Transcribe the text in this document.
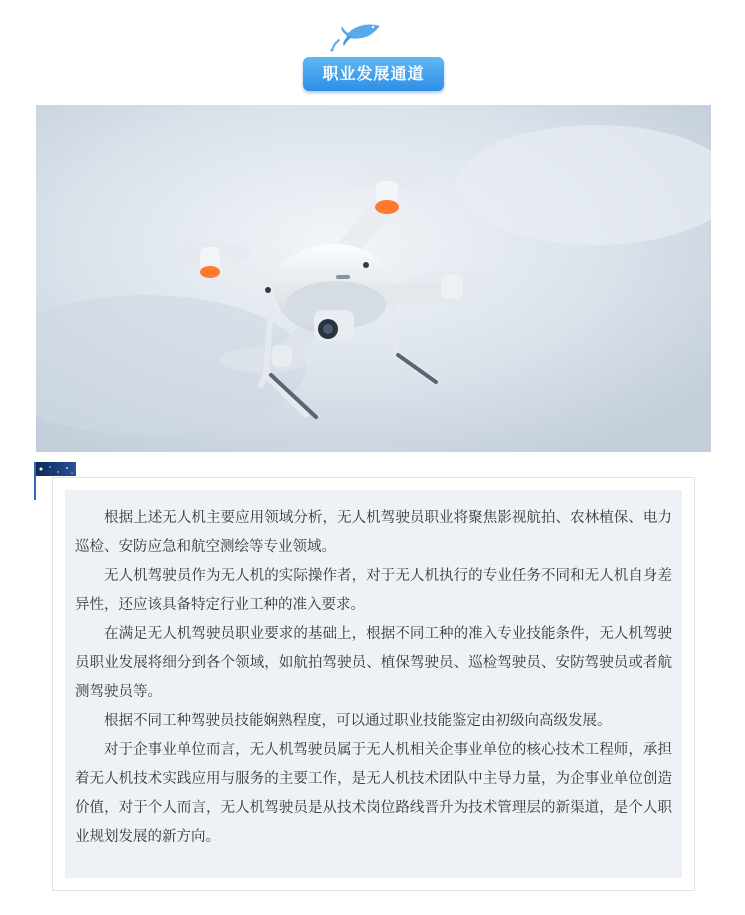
职业发展通道

根据上述无人机主要应用领域分析，无人机驾驶员职业将聚焦影视航拍、农林植保、电力巡检、安防应急和航空测绘等专业领域。

无人机驾驶员作为无人机的实际操作者，对于无人机执行的专业任务不同和无人机自身差异性，还应该具备特定行业工种的准入要求。

在满足无人机驾驶员职业要求的基础上，根据不同工种的准入专业技能条件，无人机驾驶员职业发展将细分到各个领域，如航拍驾驶员、植保驾驶员、巡检驾驶员、安防驾驶员或者航测驾驶员等。

根据不同工种驾驶员技能娴熟程度，可以通过职业技能鉴定由初级向高级发展。

对于企事业单位而言，无人机驾驶员属于无人机相关企事业单位的核心技术工程师，承担着无人机技术实践应用与服务的主要工作，是无人机技术团队中主导力量，为企事业单位创造价值，对于个人而言，无人机驾驶员是从技术岗位路线晋升为技术管理层的新渠道，是个人职业规划发展的新方向。
